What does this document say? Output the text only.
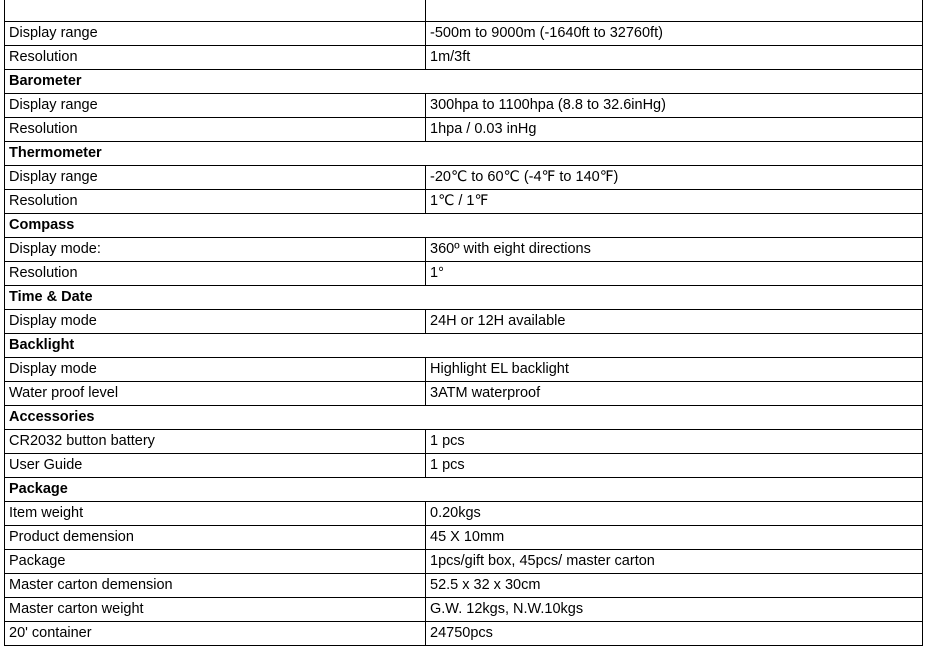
Display range	-500m to 9000m (-1640ft to 32760ft)
Resolution	1m/3ft
Barometer	
Display range	300hpa to 1100hpa (8.8 to 32.6inHg)
Resolution	1hpa / 0.03 inHg
Thermometer	
Display range	-20℃ to 60℃ (-4℉ to 140℉)
Resolution	1℃ / 1℉
Compass	
Display mode:	360º with eight directions
Resolution	1°
Time & Date	
Display mode	24H or 12H available
Backlight	
Display mode	Highlight EL backlight
Water proof level	3ATM waterproof
Accessories	
CR2032 button battery	1 pcs
User Guide	1 pcs
Package	
Item weight	0.20kgs
Product demension	45 X 10mm
Package	1pcs/gift box, 45pcs/ master carton
Master carton demension	52.5 x 32 x 30cm
Master carton weight	G.W. 12kgs, N.W.10kgs
20' container	24750pcs
